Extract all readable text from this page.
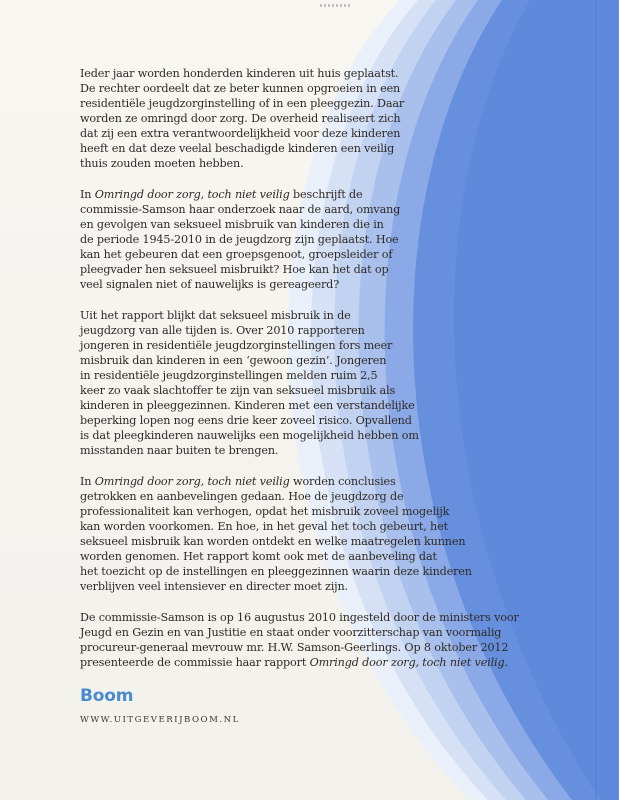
Ieder jaar worden honderden kinderen uit huis geplaatst.
De rechter oordeelt dat ze beter kunnen opgroeien in een
residentiële jeugdzorginstelling of in een pleeggezin. Daar
worden ze omringd door zorg. De overheid realiseert zich
dat zij een extra verantwoordelijkheid voor deze kinderen
heeft en dat deze veelal beschadigde kinderen een veilig
thuis zouden moeten hebben.

In Omringd door zorg, toch niet veilig beschrijft de
commissie-Samson haar onderzoek naar de aard, omvang
en gevolgen van seksueel misbruik van kinderen die in
de periode 1945-2010 in de jeugdzorg zijn geplaatst. Hoe
kan het gebeuren dat een groepsgenoot, groepsleider of
pleegvader hen seksueel misbruikt? Hoe kan het dat op
veel signalen niet of nauwelijks is gereageerd?

Uit het rapport blijkt dat seksueel misbruik in de
jeugdzorg van alle tijden is. Over 2010 rapporteren
jongeren in residentiële jeugdzorginstellingen fors meer
misbruik dan kinderen in een ‘gewoon gezin’. Jongeren
in residentiële jeugdzorginstellingen melden ruim 2,5
keer zo vaak slachtoffer te zijn van seksueel misbruik als
kinderen in pleeggezinnen. Kinderen met een verstandelijke
beperking lopen nog eens drie keer zoveel risico. Opvallend
is dat pleegkinderen nauwelijks een mogelijkheid hebben om
misstanden naar buiten te brengen.

In Omringd door zorg, toch niet veilig worden conclusies
getrokken en aanbevelingen gedaan. Hoe de jeugdzorg de
professionaliteit kan verhogen, opdat het misbruik zoveel mogelijk
kan worden voorkomen. En hoe, in het geval het toch gebeurt, het
seksueel misbruik kan worden ontdekt en welke maatregelen kunnen
worden genomen. Het rapport komt ook met de aanbeveling dat
het toezicht op de instellingen en pleeggezinnen waarin deze kinderen
verblijven veel intensiever en directer moet zijn.

De commissie-Samson is op 16 augustus 2010 ingesteld door de ministers voor
Jeugd en Gezin en van Justitie en staat onder voorzitterschap van voormalig
procureur-generaal mevrouw mr. H.W. Samson-Geerlings. Op 8 oktober 2012
presenteerde de commissie haar rapport Omringd door zorg, toch niet veilig.

Boom
WWW.UITGEVERIJBOOM.NL
